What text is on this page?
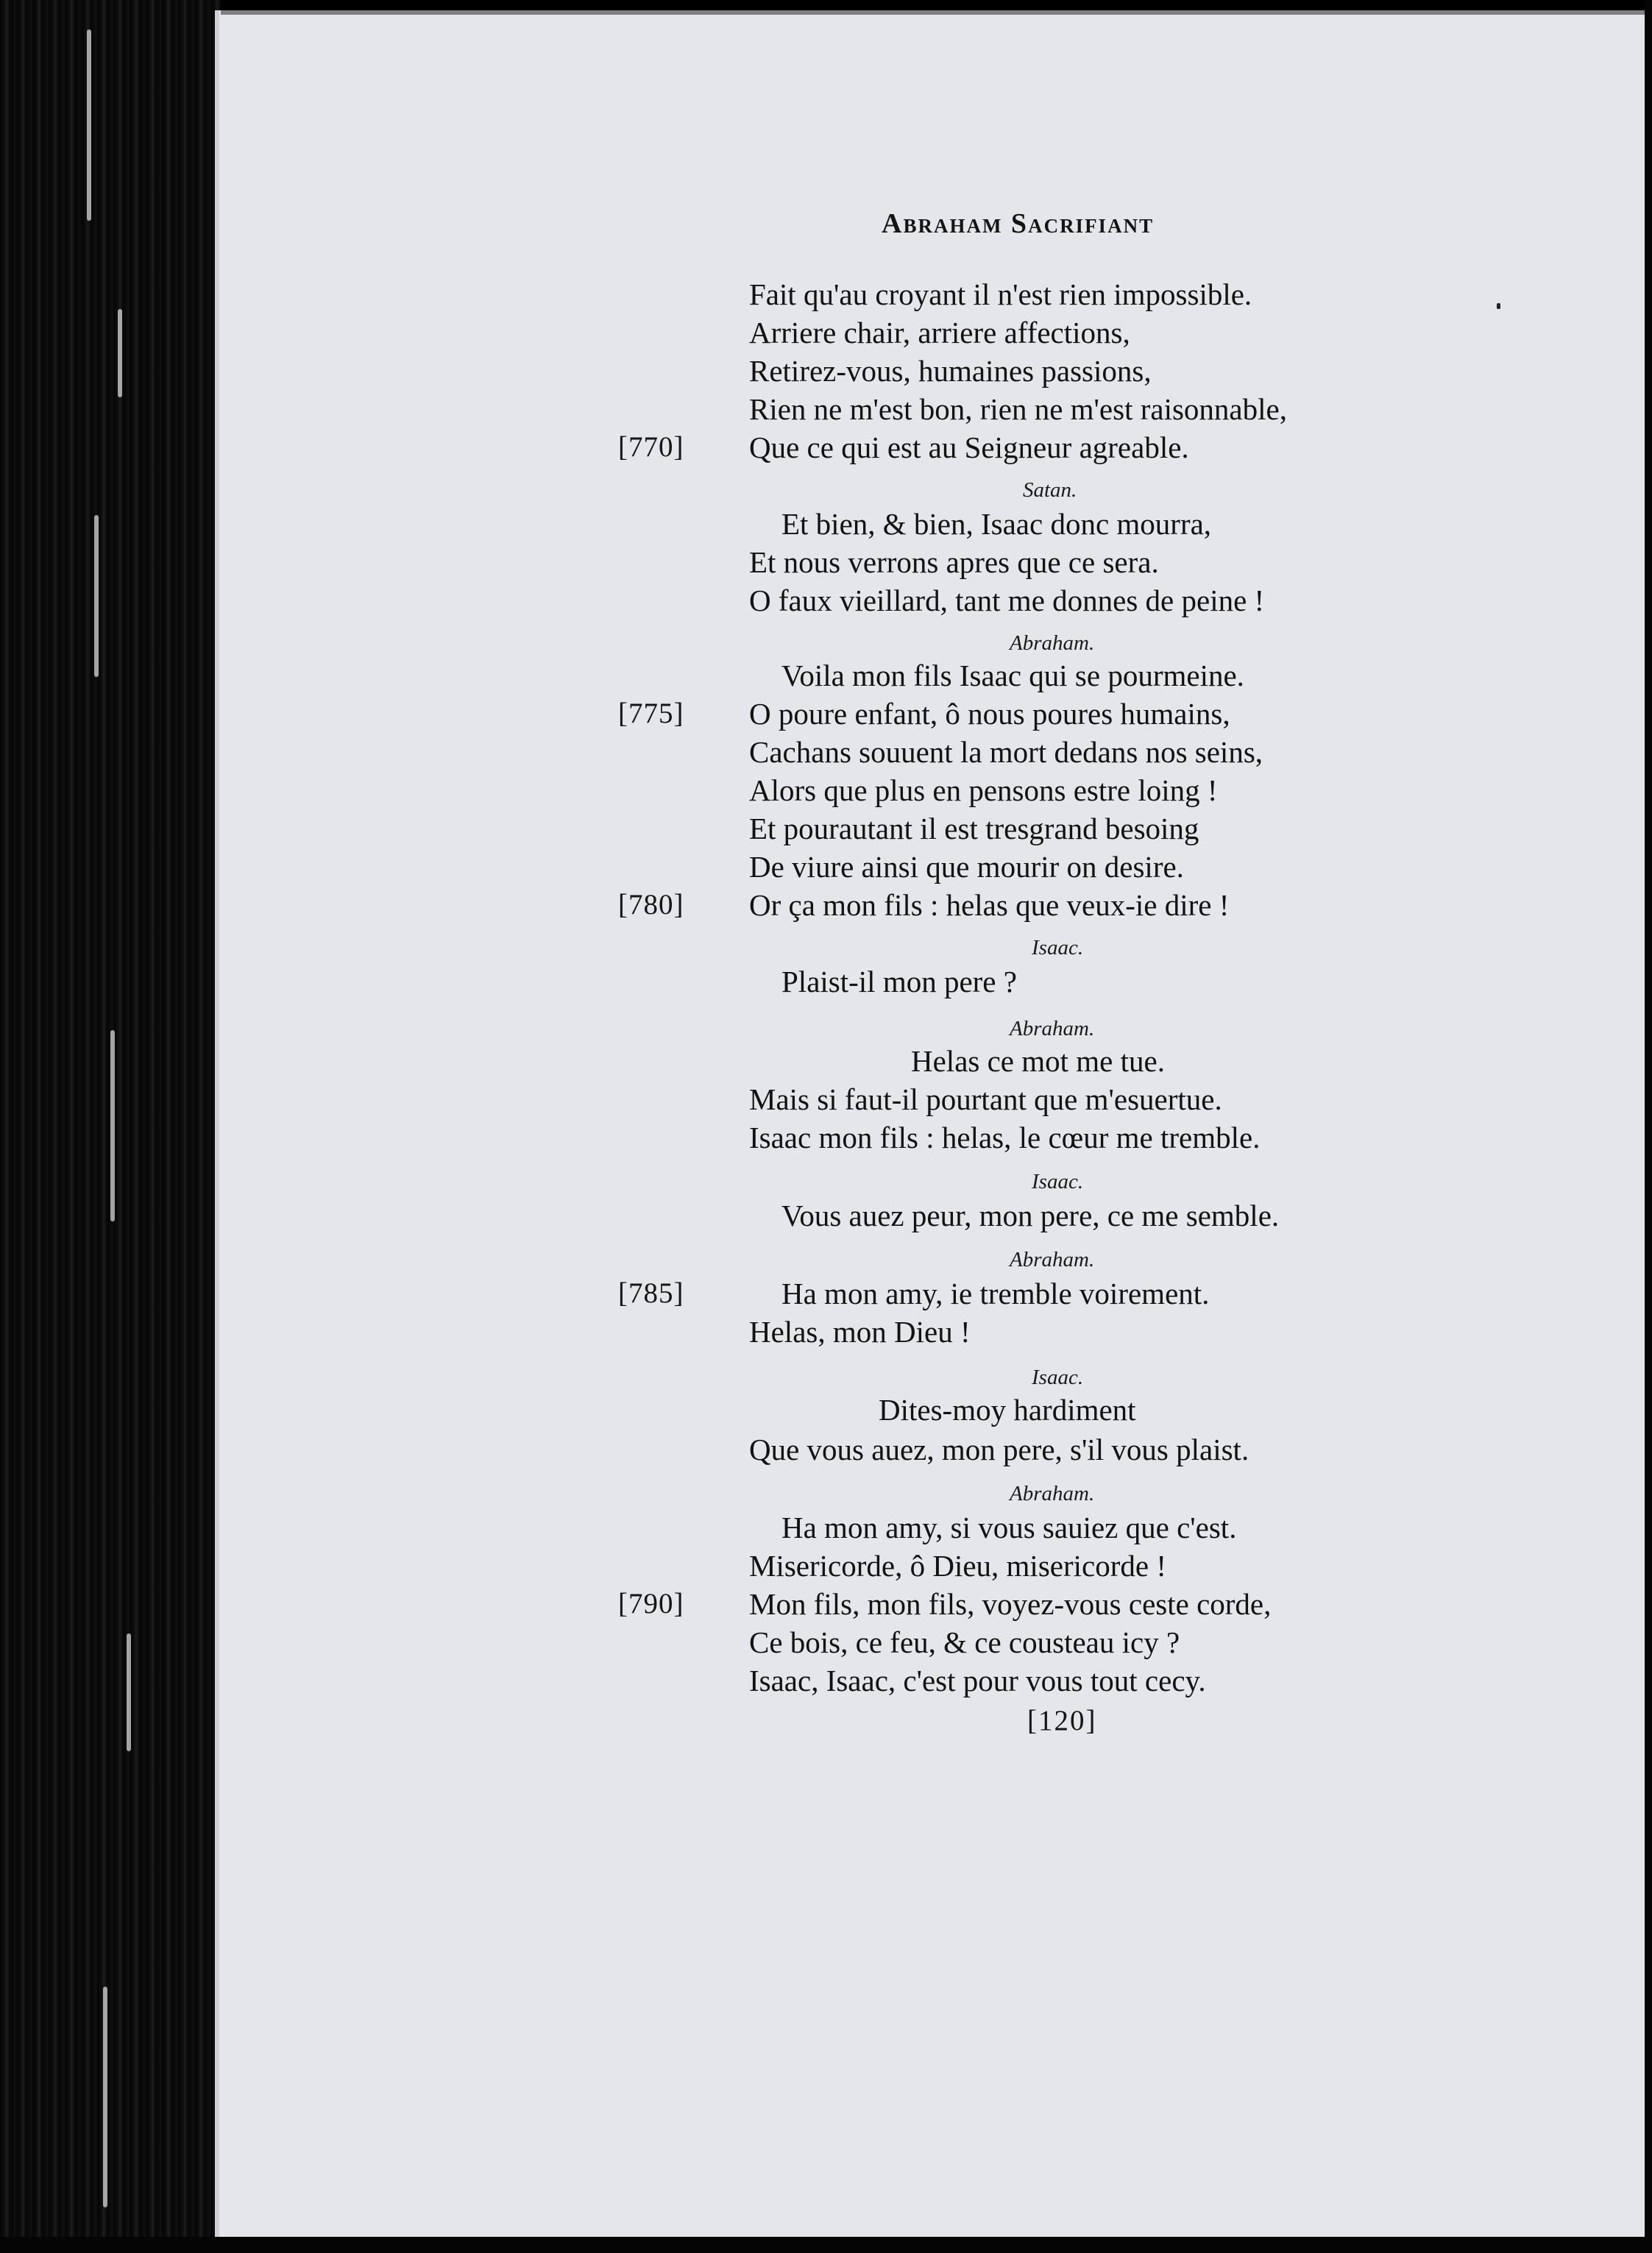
Abraham Sacrifiant
Fait qu'au croyant il n'est rien impossible.
Arriere chair, arriere affections,
Retirez-vous, humaines passions,
Rien ne m'est bon, rien ne m'est raisonnable,
Que ce qui est au Seigneur agreable.
Satan.
Et bien, & bien, Isaac donc mourra,
Et nous verrons apres que ce sera.
O faux vieillard, tant me donnes de peine !
Abraham.
Voila mon fils Isaac qui se pourmeine.
O poure enfant, ô nous poures humains,
Cachans souuent la mort dedans nos seins,
Alors que plus en pensons estre loing !
Et pourautant il est tresgrand besoing
De viure ainsi que mourir on desire.
Or ça mon fils : helas que veux-ie dire !
Isaac.
Plaist-il mon pere ?
Abraham.
Helas ce mot me tue.
Mais si faut-il pourtant que m'esuertue.
Isaac mon fils : helas, le cœur me tremble.
Isaac.
Vous auez peur, mon pere, ce me semble.
Abraham.
Ha mon amy, ie tremble voirement.
Helas, mon Dieu !
Isaac.
Dites-moy hardiment
Que vous auez, mon pere, s'il vous plaist.
Abraham.
Ha mon amy, si vous sauiez que c'est.
Misericorde, ô Dieu, misericorde !
Mon fils, mon fils, voyez-vous ceste corde,
Ce bois, ce feu, & ce cousteau icy ?
Isaac, Isaac, c'est pour vous tout cecy.
[770]
[775]
[780]
[785]
[790]
[120]
